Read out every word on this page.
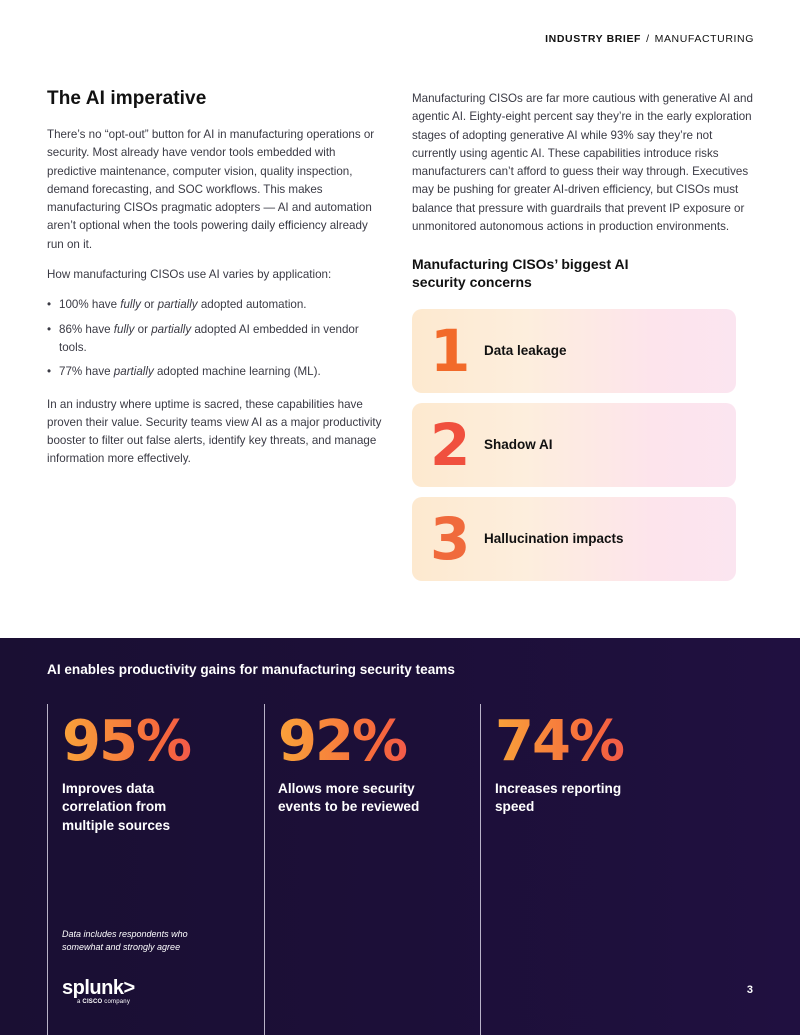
INDUSTRY BRIEF / MANUFACTURING
The AI imperative

There’s no “opt-out” button for AI in manufacturing operations or security. Most already have vendor tools embedded with predictive maintenance, computer vision, quality inspection, demand forecasting, and SOC workflows. This makes manufacturing CISOs pragmatic adopters — AI and automation aren’t optional when the tools powering daily efficiency already run on it.

How manufacturing CISOs use AI varies by application:

• 100% have fully or partially adopted automation.
• 86% have fully or partially adopted AI embedded in vendor tools.
• 77% have partially adopted machine learning (ML).

In an industry where uptime is sacred, these capabilities have proven their value. Security teams view AI as a major productivity booster to filter out false alerts, identify key threats, and manage information more effectively.

Manufacturing CISOs are far more cautious with generative AI and agentic AI. Eighty-eight percent say they’re in the early exploration stages of adopting generative AI while 93% say they’re not currently using agentic AI. These capabilities introduce risks manufacturers can’t afford to guess their way through. Executives may be pushing for greater AI-driven efficiency, but CISOs must balance that pressure with guardrails that prevent IP exposure or unmonitored autonomous actions in production environments.

Manufacturing CISOs’ biggest AI security concerns
1 Data leakage
2 Shadow AI
3 Hallucination impacts
AI enables productivity gains for manufacturing security teams
95%
Improves data correlation from multiple sources
92%
Allows more security events to be reviewed
74%
Increases reporting speed
Data includes respondents who somewhat and strongly agree
splunk>
a CISCO company
3
